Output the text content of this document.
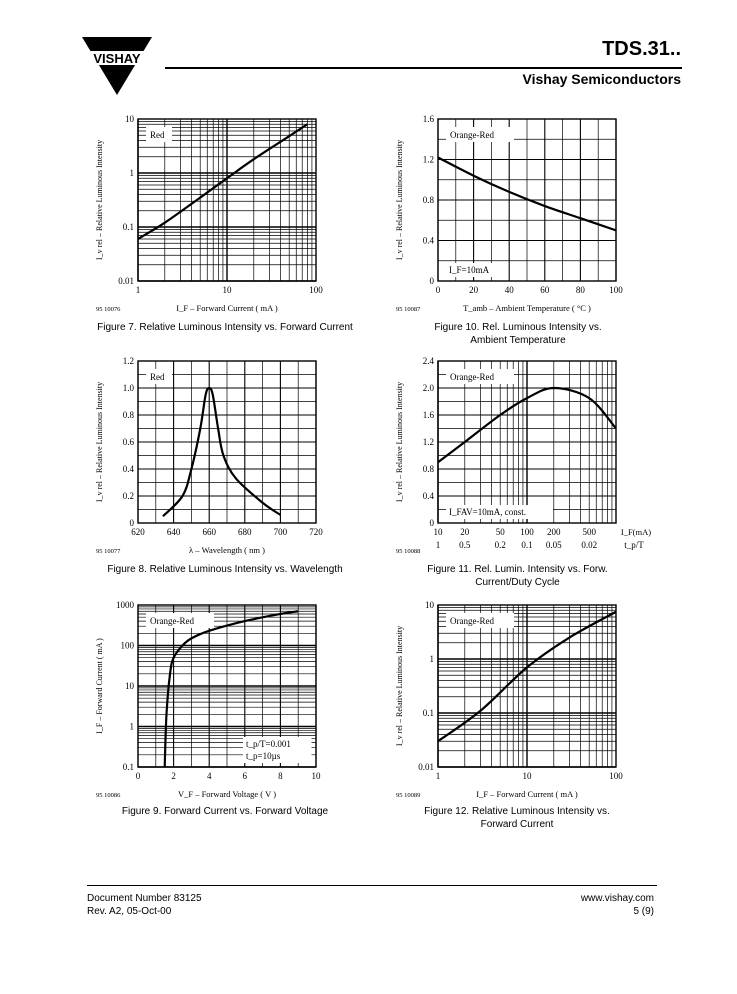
VISHAY	TDS.31..
Vishay Semiconductors
1	10	100
0.01
0.1
1
10
Red
I_F – Forward Current ( mA )
I_v rel – Relative Luminous Intensity
95 10076
0	20	40	60	80	100
0
0.4
0.8
1.2
1.6
Orange-Red
I_F=10mA
T_amb – Ambient Temperature ( °C )
I_v rel – Relative Luminous Intensity
95 10087
620 640 660 680 700 720
0
0.2
0.4
0.6
0.8
1.0
1.2
Red
λ – Wavelength ( nm )
I_v rel – Relative Luminous Intensity
95 10077
10 20	50 100 200 500
1 0.5	0.2 0.1 0.05 0.02
0
0.4
0.8
1.2
1.6
2.0
2.4
Orange-Red
I_FAV=10mA, const.
I_F(mA)
t_p/T
I_v rel – Relative Luminous Intensity
95 10088
0	2	4	6	8	10
0.1
1
10
100
1000
Orange-Red
t_p/T=0.001
t_p=10µs
V_F – Forward Voltage ( V )
I_F – Forward Current ( mA )
95 10086
1	10	100
0.01
0.1
1
10
Orange-Red
I_F – Forward Current ( mA )
I_v rel – Relative Luminous Intensity
95 10089
Figure 7. Relative Luminous Intensity vs. Forward Current	Figure 10. Rel. Luminous Intensity vs. Ambient Temperature
Figure 8. Relative Luminous Intensity vs. Wavelength	Figure 11. Rel. Lumin. Intensity vs. Forw. Current/Duty Cycle
Figure 9. Forward Current vs. Forward Voltage	Figure 12. Relative Luminous Intensity vs. Forward Current
Document Number 83125
Rev. A2, 05-Oct-00
www.vishay.com
5 (9)
